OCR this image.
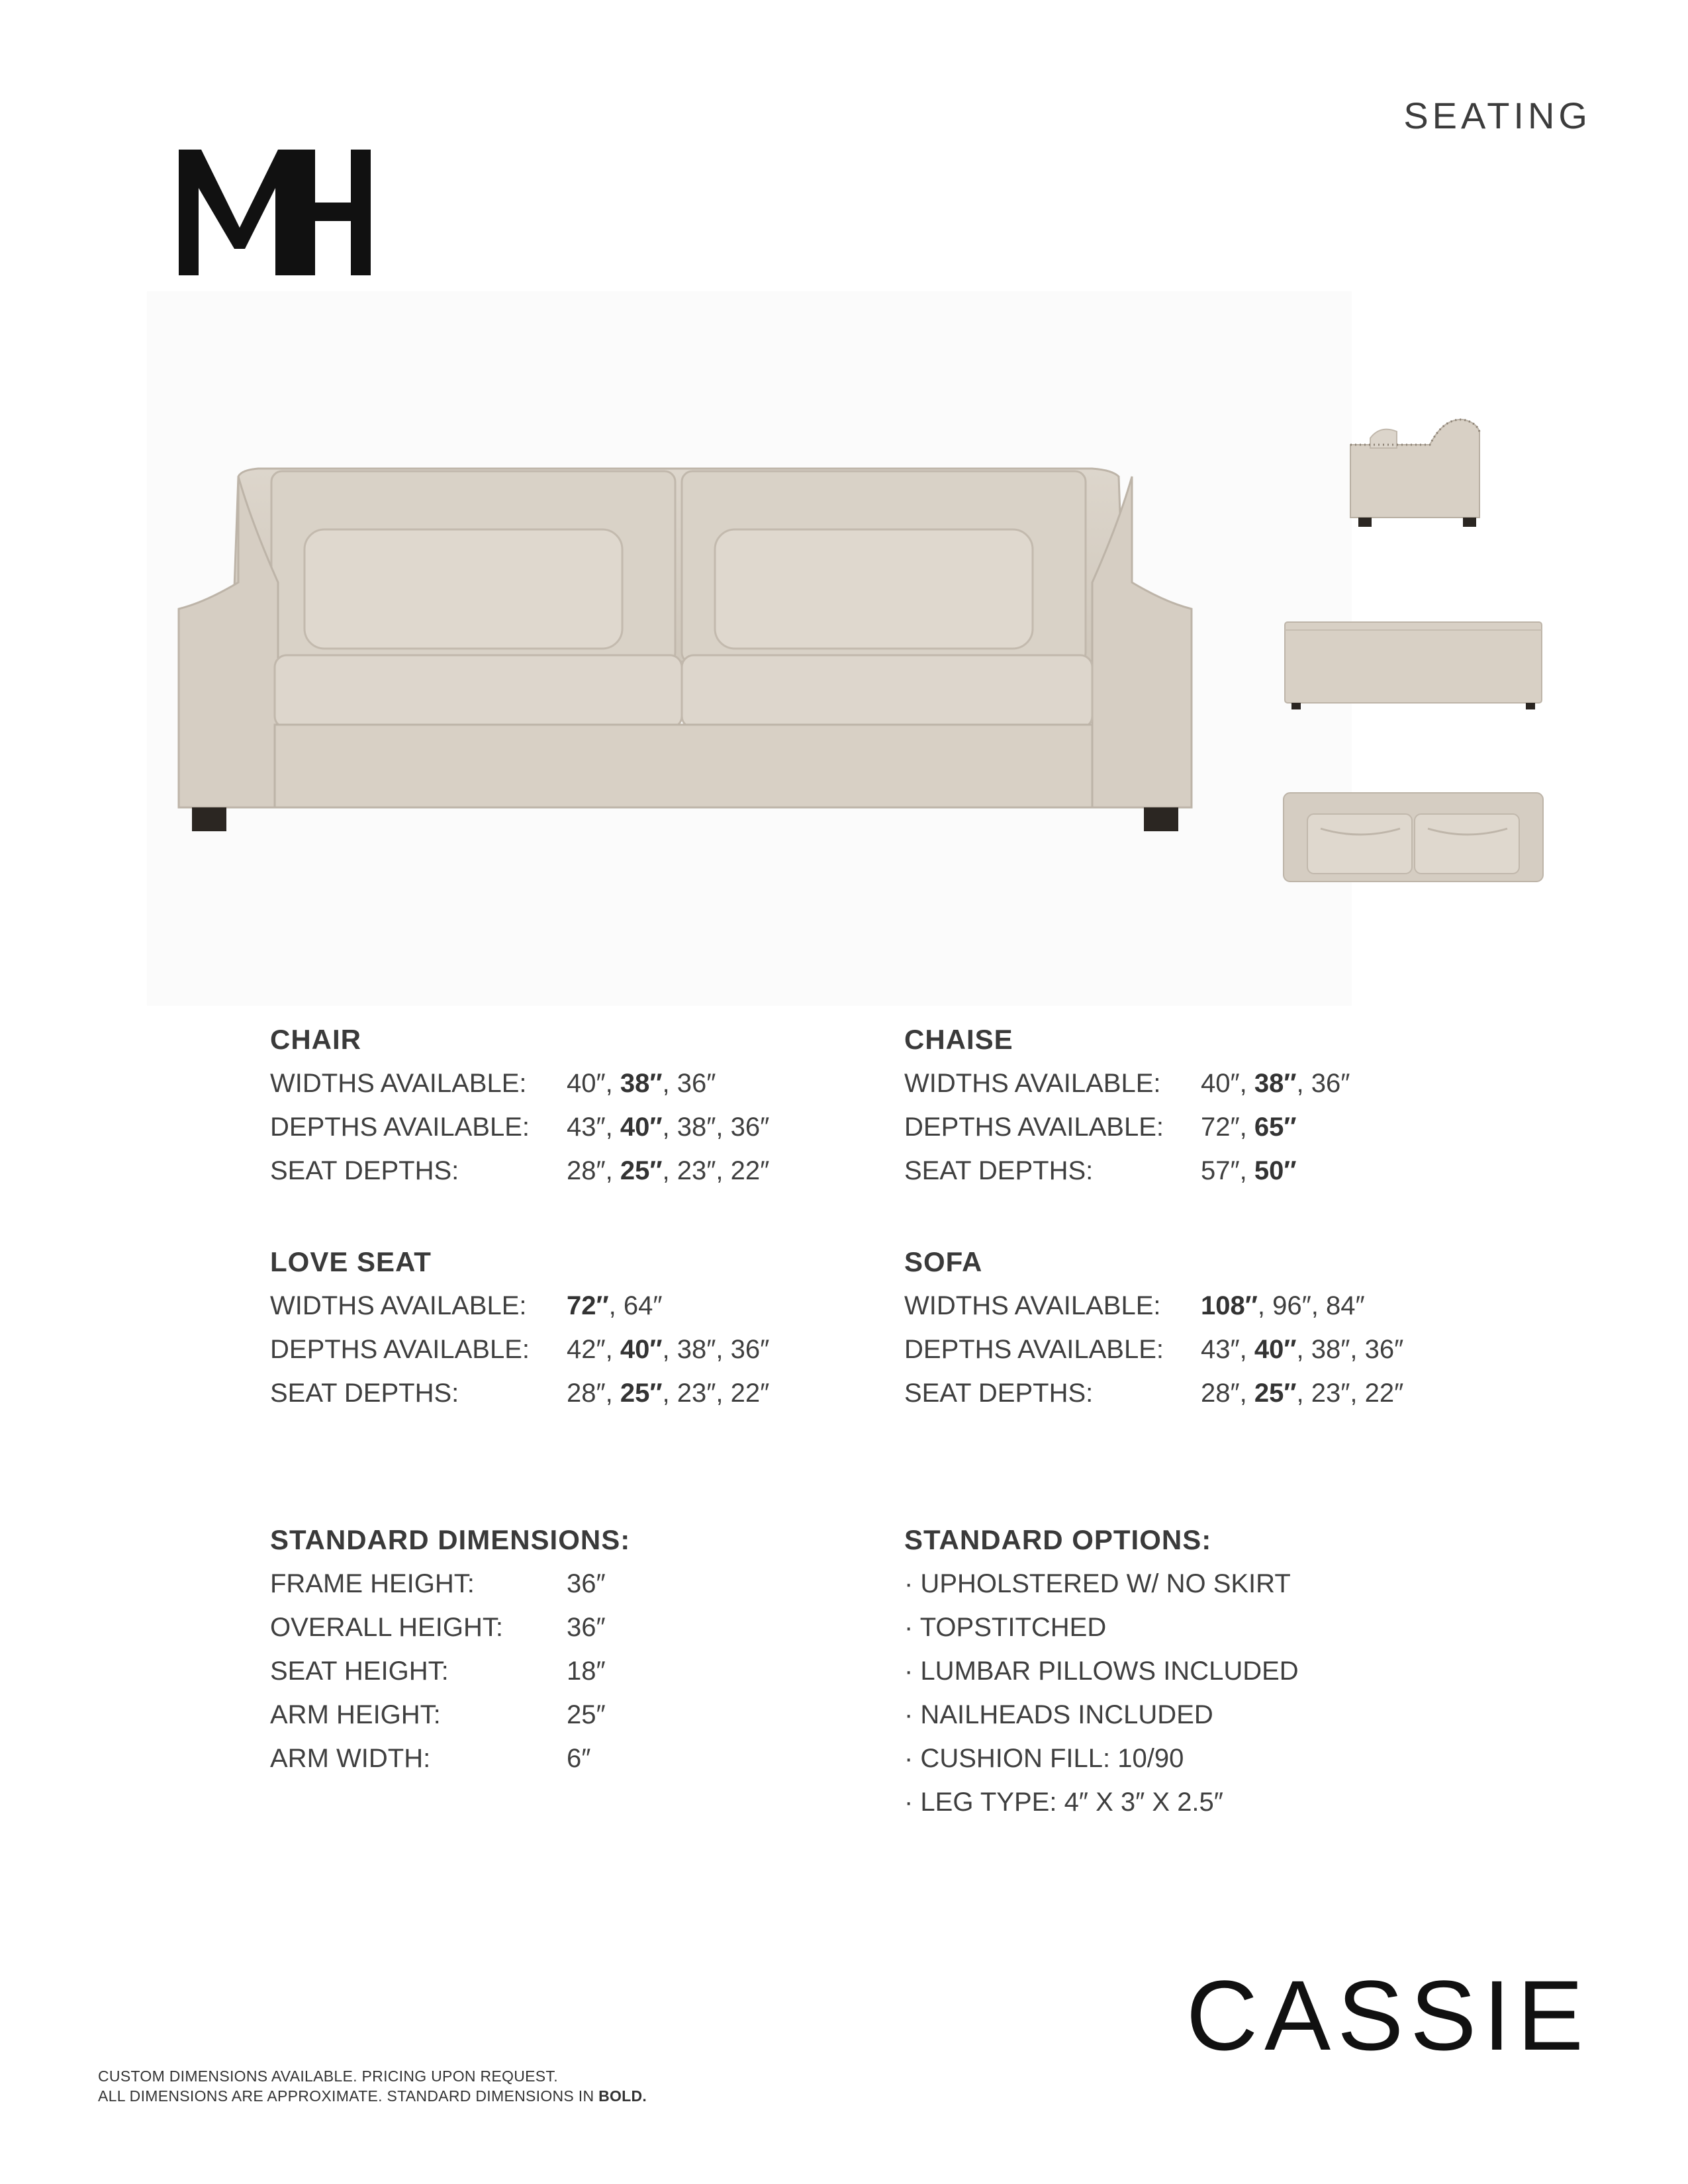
SEATING
CHAIR
WIDTHS AVAILABLE:	40″, 38″, 36″
DEPTHS AVAILABLE:	43″, 40″, 38″, 36″
SEAT DEPTHS:	28″, 25″, 23″, 22″
CHAISE
WIDTHS AVAILABLE:	40″, 38″, 36″
DEPTHS AVAILABLE:	72″, 65″
SEAT DEPTHS:	57″, 50″
LOVE SEAT
WIDTHS AVAILABLE:	72″, 64″
DEPTHS AVAILABLE:	42″, 40″, 38″, 36″
SEAT DEPTHS:	28″, 25″, 23″, 22″
SOFA
WIDTHS AVAILABLE:	108″, 96″, 84″
DEPTHS AVAILABLE:	43″, 40″, 38″, 36″
SEAT DEPTHS:	28″, 25″, 23″, 22″
STANDARD DIMENSIONS:
FRAME HEIGHT:	36″
OVERALL HEIGHT:	36″
SEAT HEIGHT:	18″
ARM HEIGHT:	25″
ARM WIDTH:	6″
STANDARD OPTIONS:
· UPHOLSTERED W/ NO SKIRT
· TOPSTITCHED
· LUMBAR PILLOWS INCLUDED
· NAILHEADS INCLUDED
· CUSHION FILL: 10/90
· LEG TYPE: 4″ X 3″ X 2.5″
CASSIE
CUSTOM DIMENSIONS AVAILABLE. PRICING UPON REQUEST.
ALL DIMENSIONS ARE APPROXIMATE. STANDARD DIMENSIONS IN BOLD.
